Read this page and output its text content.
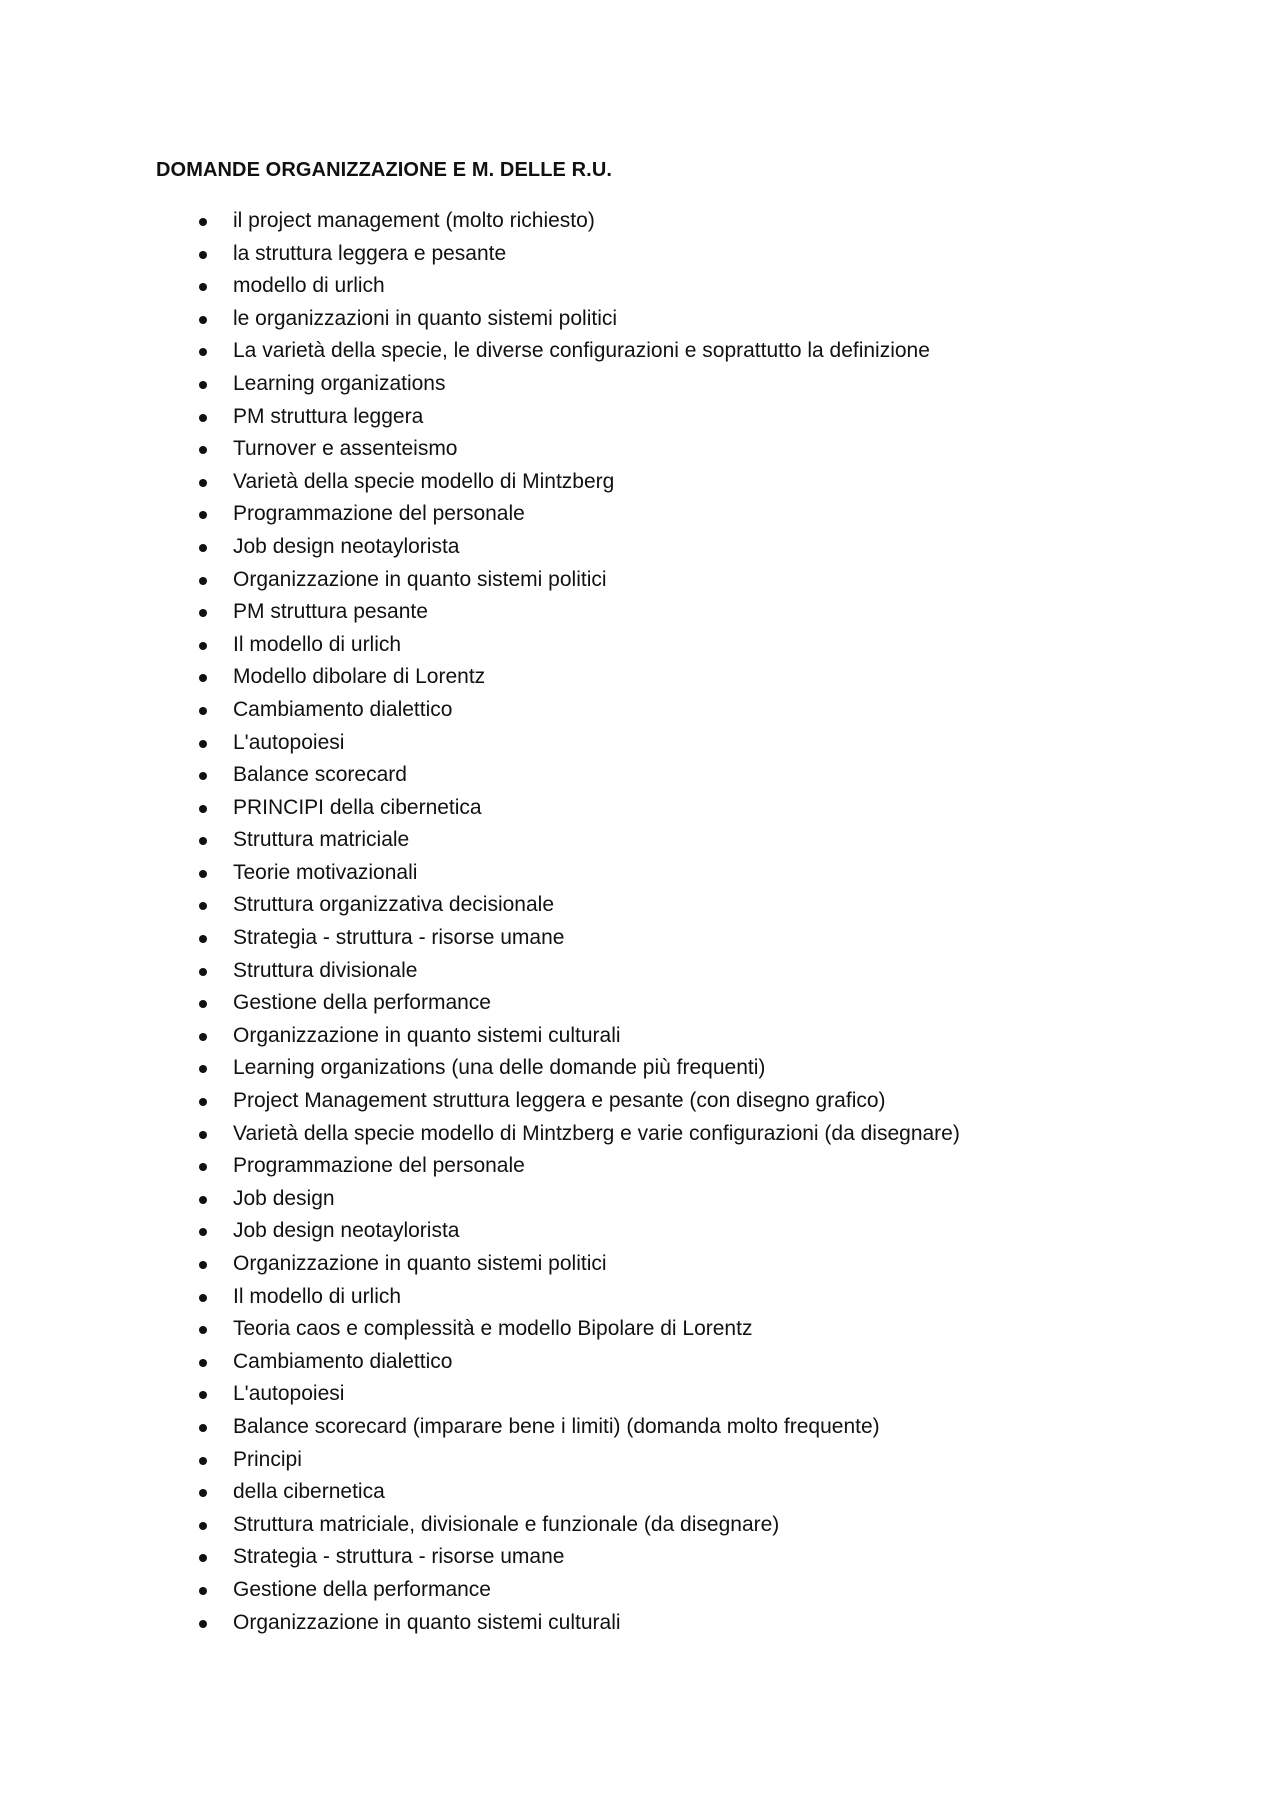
DOMANDE ORGANIZZAZIONE E M. DELLE R.U.
il project management (molto richiesto)
la struttura leggera e pesante
modello di urlich
le organizzazioni in quanto sistemi politici
La varietà della specie, le diverse configurazioni e soprattutto la definizione
Learning organizations
PM struttura leggera
Turnover e assenteismo
Varietà della specie modello di Mintzberg
Programmazione del personale
Job design neotaylorista
Organizzazione in quanto sistemi politici
PM struttura pesante
Il modello di urlich
Modello dibolare di Lorentz
Cambiamento dialettico
L'autopoiesi
Balance scorecard
PRINCIPI della cibernetica
Struttura matriciale
Teorie motivazionali
Struttura organizzativa decisionale
Strategia - struttura - risorse umane
Struttura divisionale
Gestione della performance
Organizzazione in quanto sistemi culturali
Learning organizations (una delle domande più frequenti)
Project Management struttura leggera e pesante (con disegno grafico)
Varietà della specie modello di Mintzberg e varie configurazioni (da disegnare)
Programmazione del personale
Job design
Job design neotaylorista
Organizzazione in quanto sistemi politici
Il modello di urlich
Teoria caos e complessità e modello Bipolare di Lorentz
Cambiamento dialettico
L'autopoiesi
Balance scorecard (imparare bene i limiti) (domanda molto frequente)
Principi
della cibernetica
Struttura matriciale, divisionale e funzionale (da disegnare)
Strategia - struttura - risorse umane
Gestione della performance
Organizzazione in quanto sistemi culturali
